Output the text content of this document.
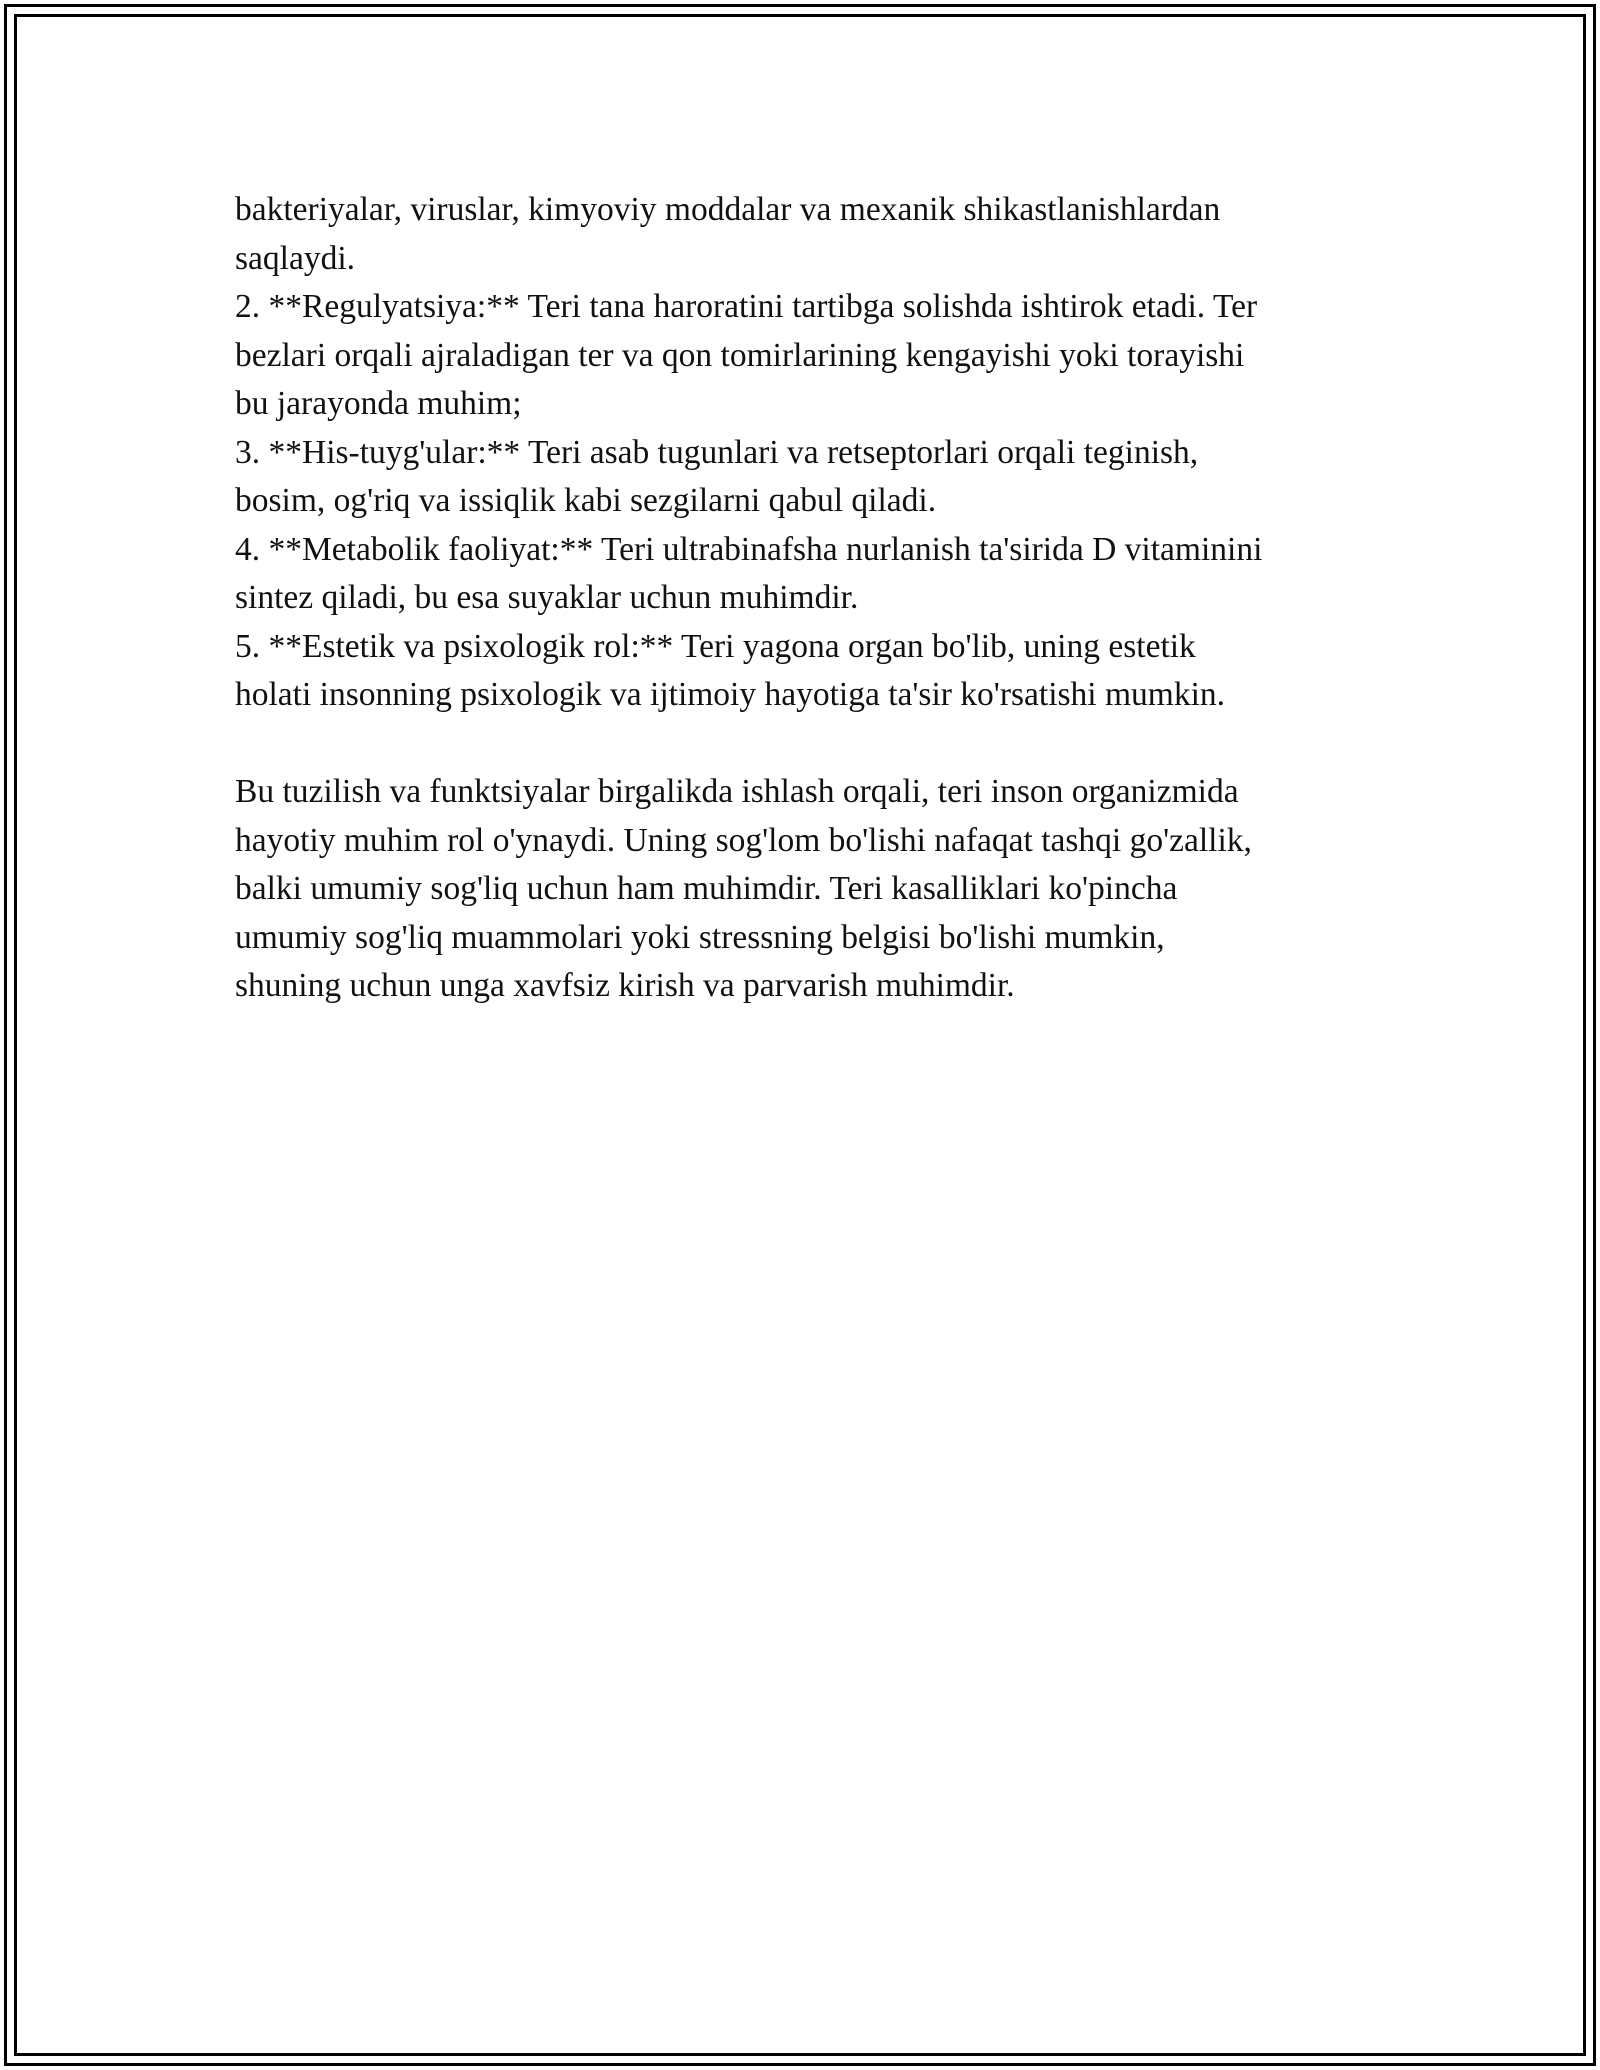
bakteriyalar, viruslar, kimyoviy moddalar va mexanik shikastlanishlardan
saqlaydi.
2. **Regulyatsiya:** Teri tana haroratini tartibga solishda ishtirok etadi. Ter
bezlari orqali ajraladigan ter va qon tomirlarining kengayishi yoki torayishi
bu jarayonda muhim;
3. **His-tuyg'ular:** Teri asab tugunlari va retseptorlari orqali teginish,
bosim, og'riq va issiqlik kabi sezgilarni qabul qiladi.
4. **Metabolik faoliyat:** Teri ultrabinafsha nurlanish ta'sirida D vitaminini
sintez qiladi, bu esa suyaklar uchun muhimdir.
5. **Estetik va psixologik rol:** Teri yagona organ bo'lib, uning estetik
holati insonning psixologik va ijtimoiy hayotiga ta'sir ko'rsatishi mumkin.
Bu tuzilish va funktsiyalar birgalikda ishlash orqali, teri inson organizmida
hayotiy muhim rol o'ynaydi. Uning sog'lom bo'lishi nafaqat tashqi go'zallik,
balki umumiy sog'liq uchun ham muhimdir. Teri kasalliklari ko'pincha
umumiy sog'liq muammolari yoki stressning belgisi bo'lishi mumkin,
shuning uchun unga xavfsiz kirish va parvarish muhimdir.
